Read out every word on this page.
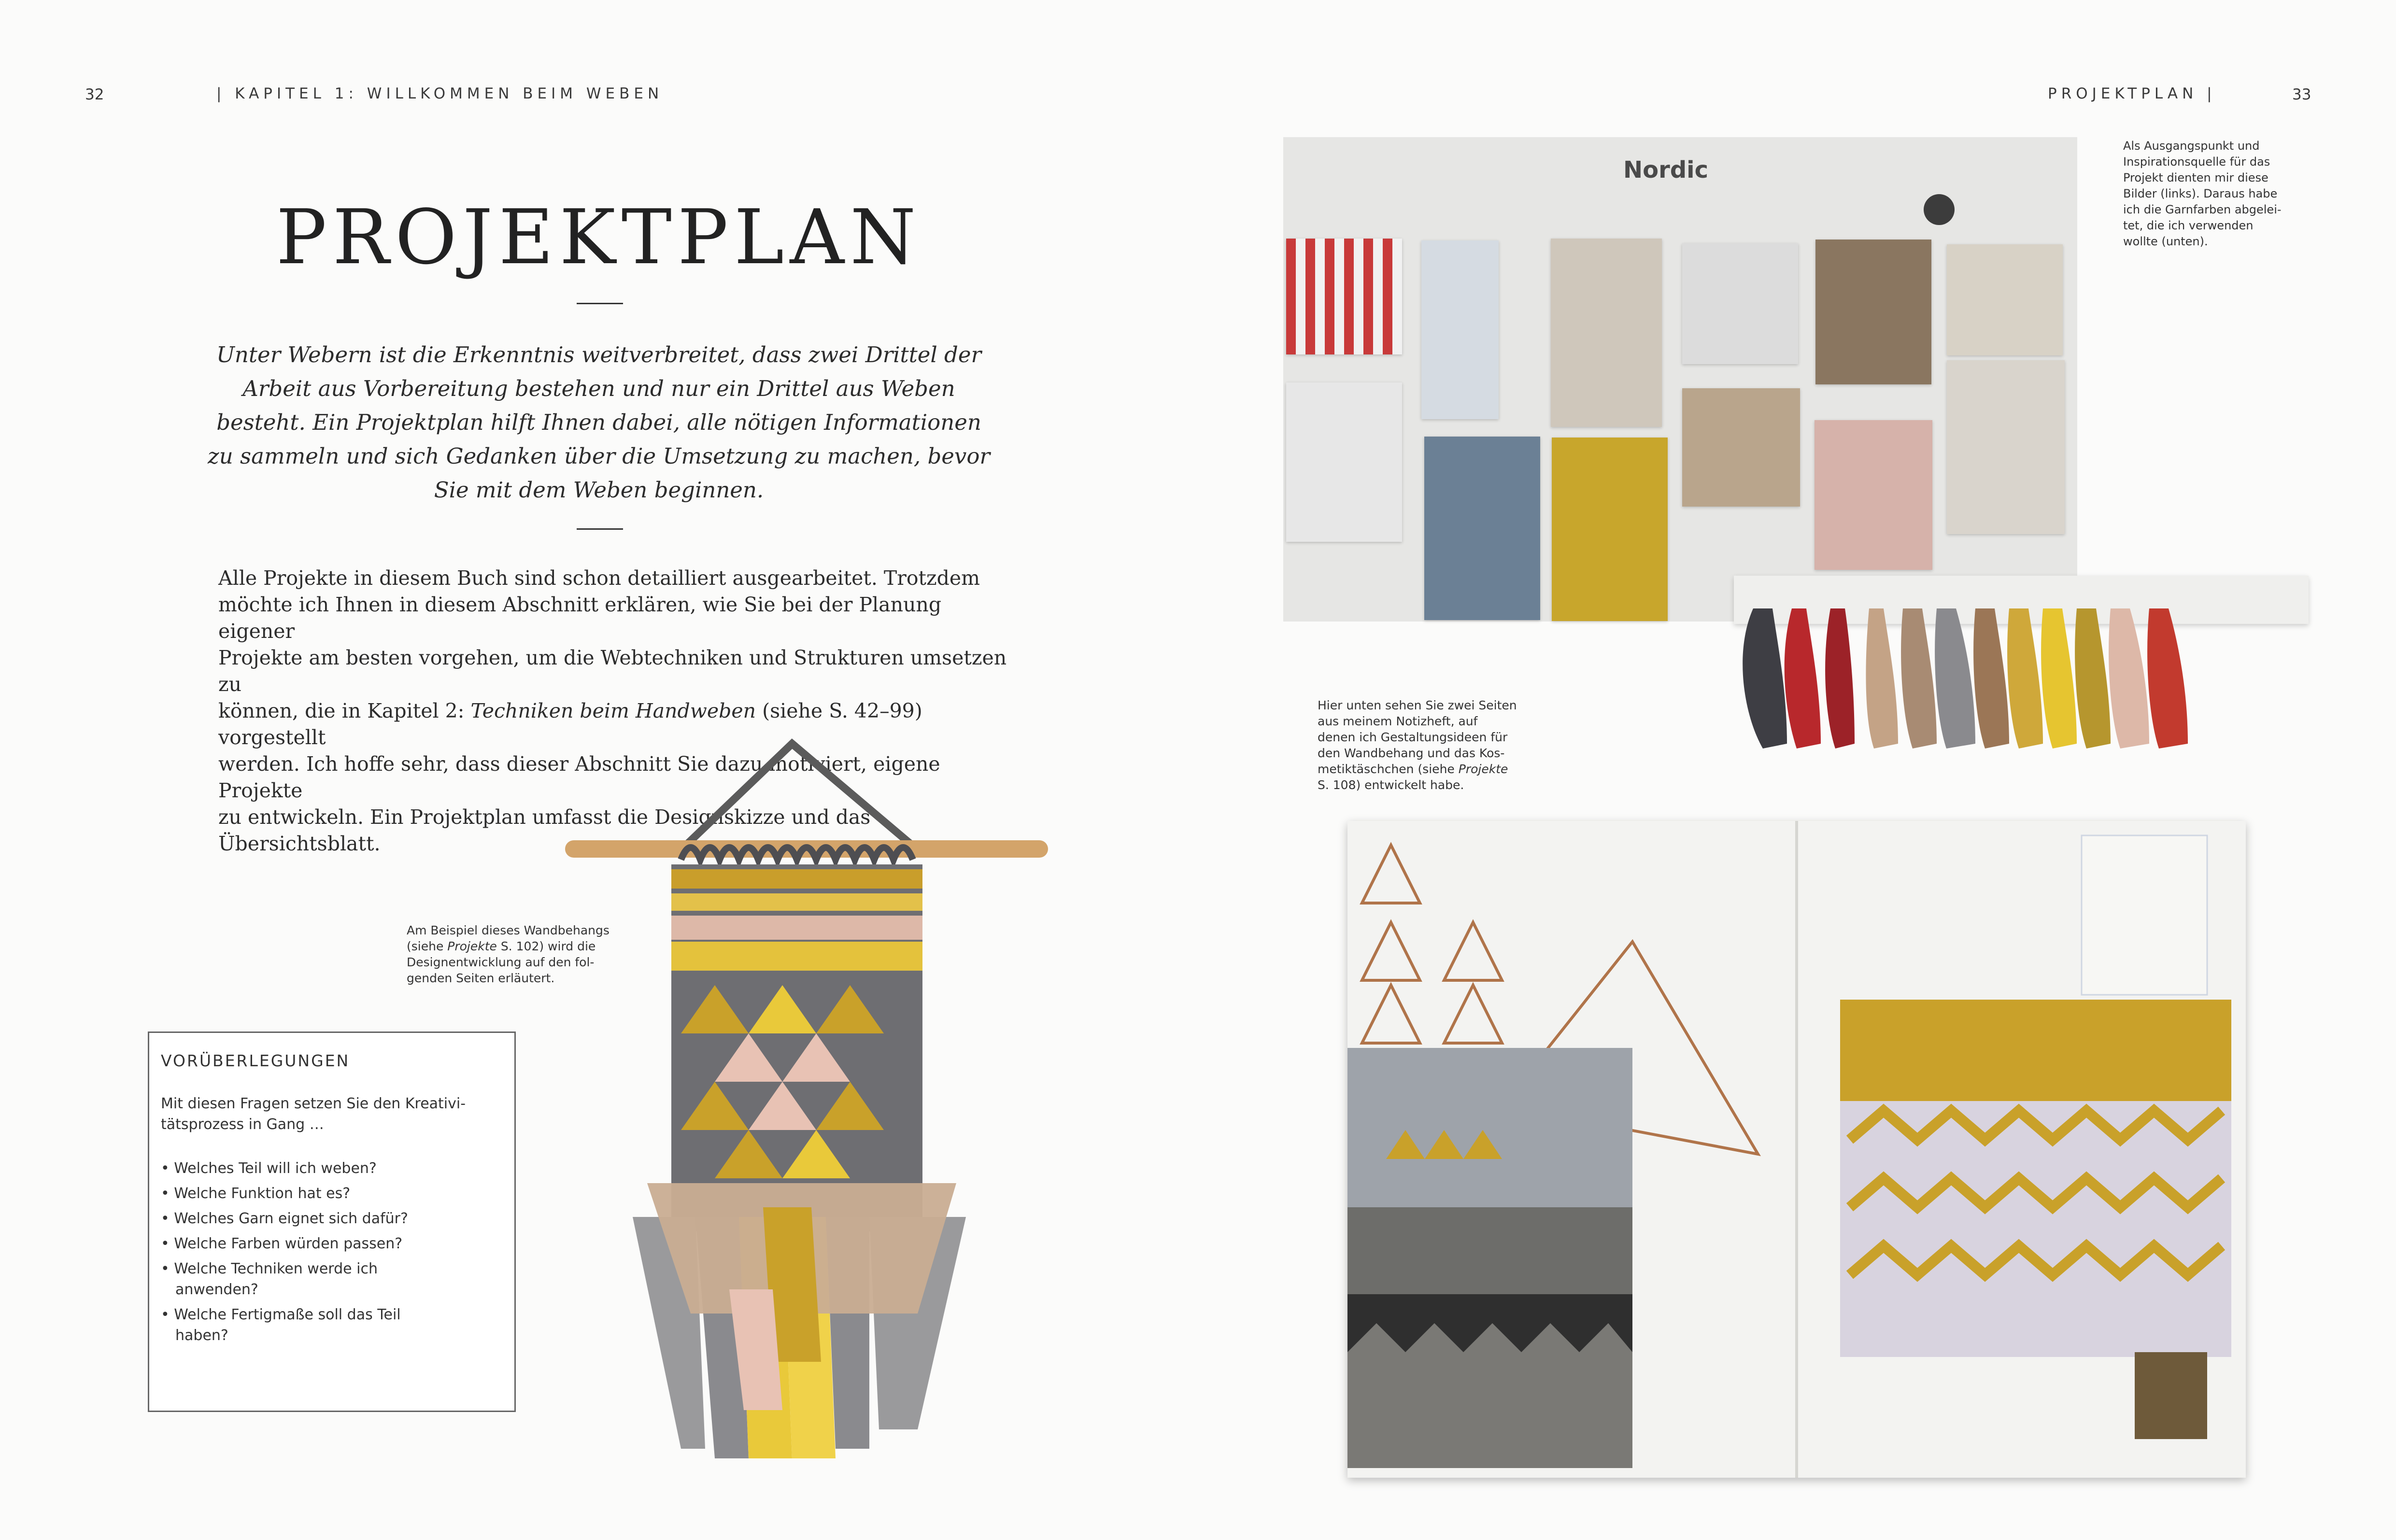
32	| KAPITEL 1: WILLKOMMEN BEIM WEBEN
PROJEKTPLAN
Unter Webern ist die Erkenntnis weitverbreitet, dass zwei Drittel der
Arbeit aus Vorbereitung bestehen und nur ein Drittel aus Weben
besteht. Ein Projektplan hilft Ihnen dabei, alle nötigen Informationen
zu sammeln und sich Gedanken über die Umsetzung zu machen, bevor
Sie mit dem Weben beginnen.
Alle Projekte in diesem Buch sind schon detailliert ausgearbeitet. Trotzdem
möchte ich Ihnen in diesem Abschnitt erklären, wie Sie bei der Planung eigener
Projekte am besten vorgehen, um die Webtechniken und Strukturen umsetzen zu
können, die in Kapitel 2: Techniken beim Handweben (siehe S. 42–99) vorgestellt
werden. Ich hoffe sehr, dass dieser Abschnitt Sie dazu motiviert, eigene Projekte
zu entwickeln. Ein Projektplan umfasst die Designskizze und das Übersichtsblatt.
Am Beispiel dieses Wandbehangs
(siehe Projekte S. 102) wird die
Designentwicklung auf den fol-
genden Seiten erläutert.
VORÜBERLEGUNGEN
Mit diesen Fragen setzen Sie den Kreativi-
tätsprozess in Gang …
• Welches Teil will ich weben?
• Welche Funktion hat es?
• Welches Garn eignet sich dafür?
• Welche Farben würden passen?
• Welche Techniken werde ich anwenden?
• Welche Fertigmaße soll das Teil haben?
PROJEKTPLAN |	33
Nordic
Als Ausgangspunkt und
Inspirationsquelle für das
Projekt dienten mir diese
Bilder (links). Daraus habe
ich die Garnfarben abgelei-
tet, die ich verwenden
wollte (unten).
Hier unten sehen Sie zwei Seiten
aus meinem Notizheft, auf
denen ich Gestaltungsideen für
den Wandbehang und das Kos-
metiktäschchen (siehe Projekte
S. 108) entwickelt habe.
